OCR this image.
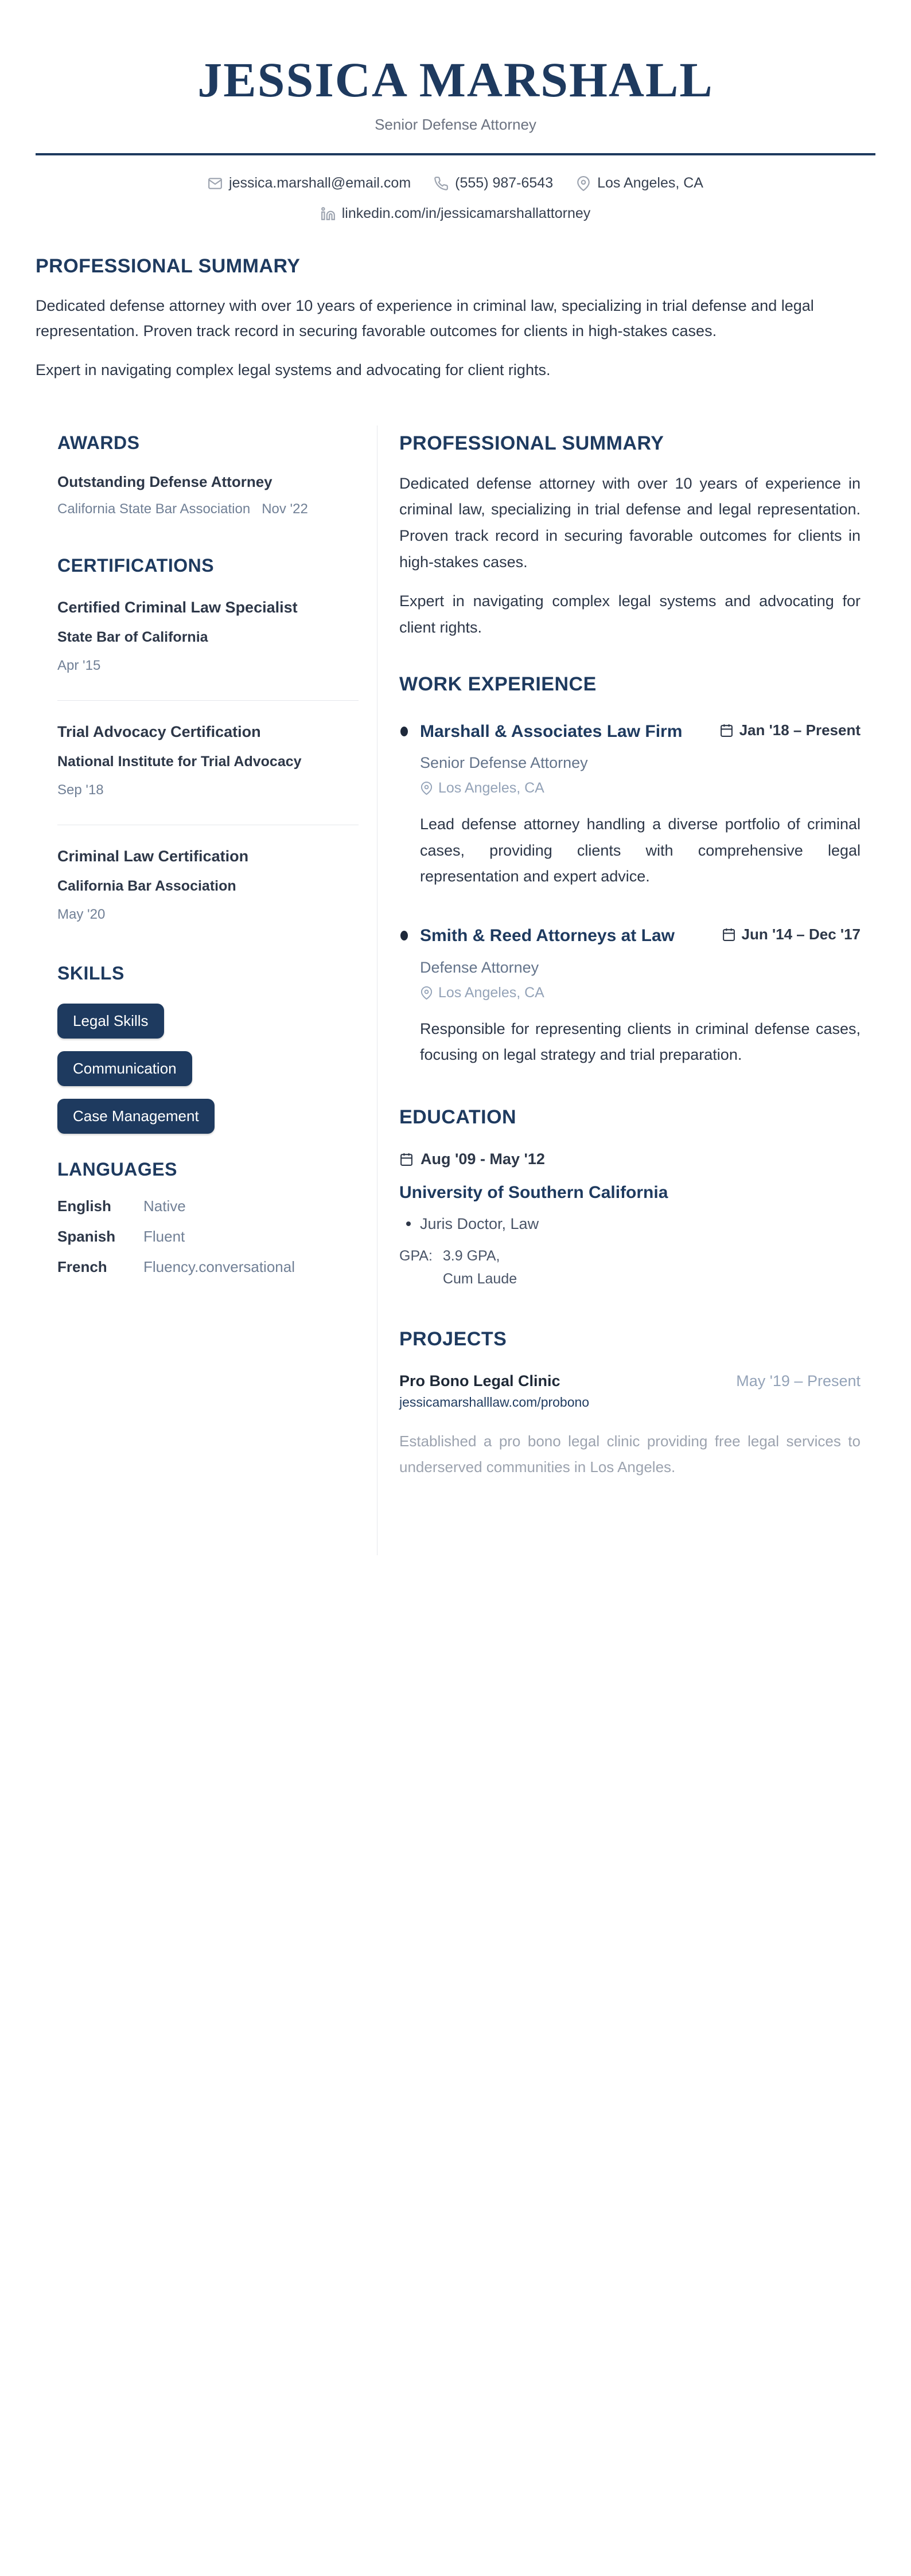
JESSICA MARSHALL
Senior Defense Attorney
jessica.marshall@email.com	(555) 987-6543	Los Angeles, CA
linkedin.com/in/jessicamarshallattorney
PROFESSIONAL SUMMARY

Dedicated defense attorney with over 10 years of experience in criminal law, specializing in trial defense and legal representation. Proven track record in securing favorable outcomes for clients in high-stakes cases.

Expert in navigating complex legal systems and advocating for client rights.

AWARDS
Outstanding Defense Attorney
California State Bar Association Nov '22
CERTIFICATIONS
Certified Criminal Law Specialist
State Bar of California
Apr '15
Trial Advocacy Certification
National Institute for Trial Advocacy
Sep '18
Criminal Law Certification
California Bar Association
May '20
SKILLS
Legal Skills
Communication
Case Management
LANGUAGES
English	Native
Spanish	Fluent
French	Fluency.conversational
PROFESSIONAL SUMMARY

Dedicated defense attorney with over 10 years of experience in criminal law, specializing in trial defense and legal representation. Proven track record in securing favorable outcomes for clients in high-stakes cases.

Expert in navigating complex legal systems and advocating for client rights.

WORK EXPERIENCE
Marshall & Associates Law Firm	Jan '18 – Present
Senior Defense Attorney
Los Angeles, CA

Lead defense attorney handling a diverse portfolio of criminal cases, providing clients with comprehensive legal representation and expert advice.

Smith & Reed Attorneys at Law	Jun '14 – Dec '17
Defense Attorney
Los Angeles, CA

Responsible for representing clients in criminal defense cases, focusing on legal strategy and trial preparation.

EDUCATION
Aug '09 - May '12
University of Southern California
Juris Doctor, Law
GPA: 3.9 GPA,
Cum Laude
PROJECTS
Pro Bono Legal Clinic	May '19 – Present
jessicamarshalllaw.com/probono

Established a pro bono legal clinic providing free legal services to underserved communities in Los Angeles.
